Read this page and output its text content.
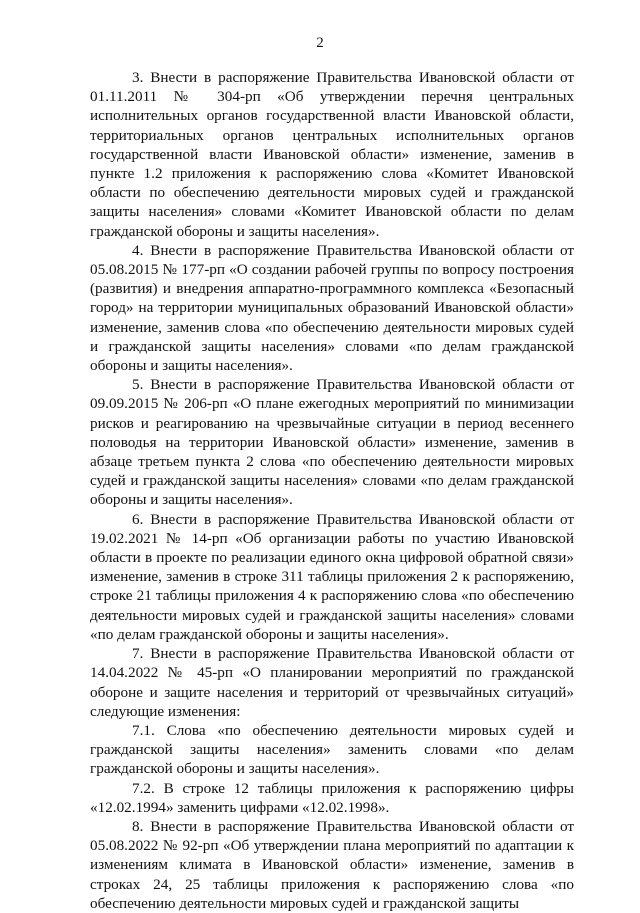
2

3. Внести в распоряжение Правительства Ивановской области от 01.11.2011 № 304-рп «Об утверждении перечня центральных исполнительных органов государственной власти Ивановской области, территориальных органов центральных исполнительных органов государственной власти Ивановской области» изменение, заменив в пункте 1.2 приложения к распоряжению слова «Комитет Ивановской области по обеспечению деятельности мировых судей и гражданской защиты населения» словами «Комитет Ивановской области по делам гражданской обороны и защиты населения».

4. Внести в распоряжение Правительства Ивановской области от 05.08.2015 № 177-рп «О создании рабочей группы по вопросу построения (развития) и внедрения аппаратно-программного комплекса «Безопасный город» на территории муниципальных образований Ивановской области» изменение, заменив слова «по обеспечению деятельности мировых судей и гражданской защиты населения» словами «по делам гражданской обороны и защиты населения».

5. Внести в распоряжение Правительства Ивановской области от 09.09.2015 № 206-рп «О плане ежегодных мероприятий по минимизации рисков и реагированию на чрезвычайные ситуации в период весеннего половодья на территории Ивановской области» изменение, заменив в абзаце третьем пункта 2 слова «по обеспечению деятельности мировых судей и гражданской защиты населения» словами «по делам гражданской обороны и защиты населения».

6. Внести в распоряжение Правительства Ивановской области от 19.02.2021 № 14-рп «Об организации работы по участию Ивановской области в проекте по реализации единого окна цифровой обратной связи» изменение, заменив в строке 311 таблицы приложения 2 к распоряжению, строке 21 таблицы приложения 4 к распоряжению слова «по обеспечению деятельности мировых судей и гражданской защиты населения» словами «по делам гражданской обороны и защиты населения».

7. Внести в распоряжение Правительства Ивановской области от 14.04.2022 № 45-рп «О планировании мероприятий по гражданской обороне и защите населения и территорий от чрезвычайных ситуаций» следующие изменения:

7.1. Слова «по обеспечению деятельности мировых судей и гражданской защиты населения» заменить словами «по делам гражданской обороны и защиты населения».

7.2. В строке 12 таблицы приложения к распоряжению цифры «12.02.1994» заменить цифрами «12.02.1998».

8. Внести в распоряжение Правительства Ивановской области от 05.08.2022 № 92-рп «Об утверждении плана мероприятий по адаптации к изменениям климата в Ивановской области» изменение, заменив в строках 24, 25 таблицы приложения к распоряжению слова «по обеспечению деятельности мировых судей и гражданской защиты
